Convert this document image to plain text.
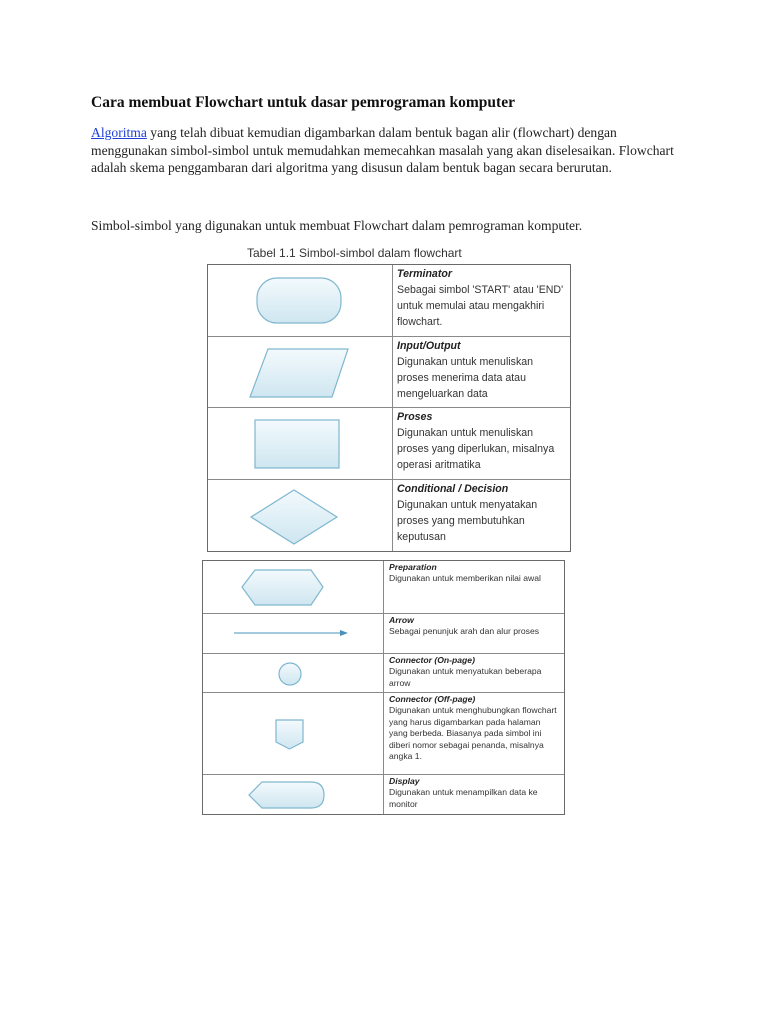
Cara membuat Flowchart untuk dasar pemrograman komputer

Algoritma yang telah dibuat kemudian digambarkan dalam bentuk bagan alir (flowchart) dengan menggunakan simbol-simbol untuk memudahkan memecahkan masalah yang akan diselesaikan. Flowchart adalah skema penggambaran dari algoritma yang disusun dalam bentuk bagan secara berurutan.

Simbol-simbol yang digunakan untuk membuat Flowchart dalam pemrograman komputer.

Tabel 1.1 Simbol-simbol dalam flowchart
Terminator
Sebagai simbol 'START' atau 'END' untuk memulai atau mengakhiri flowchart.
Input/Output
Digunakan untuk menuliskan proses menerima data atau mengeluarkan data
Proses
Digunakan untuk menuliskan proses yang diperlukan, misalnya operasi aritmatika
Conditional / Decision
Digunakan untuk menyatakan proses yang membutuhkan keputusan
Preparation
Digunakan untuk memberikan nilai awal
Arrow
Sebagai penunjuk arah dan alur proses
Connector (On-page)
Digunakan untuk menyatukan beberapa arrow
Connector (Off-page)
Digunakan untuk menghubungkan flowchart yang harus digambarkan pada halaman yang berbeda. Biasanya pada simbol ini diberi nomor sebagai penanda, misalnya angka 1.
Display
Digunakan untuk menampilkan data ke monitor
